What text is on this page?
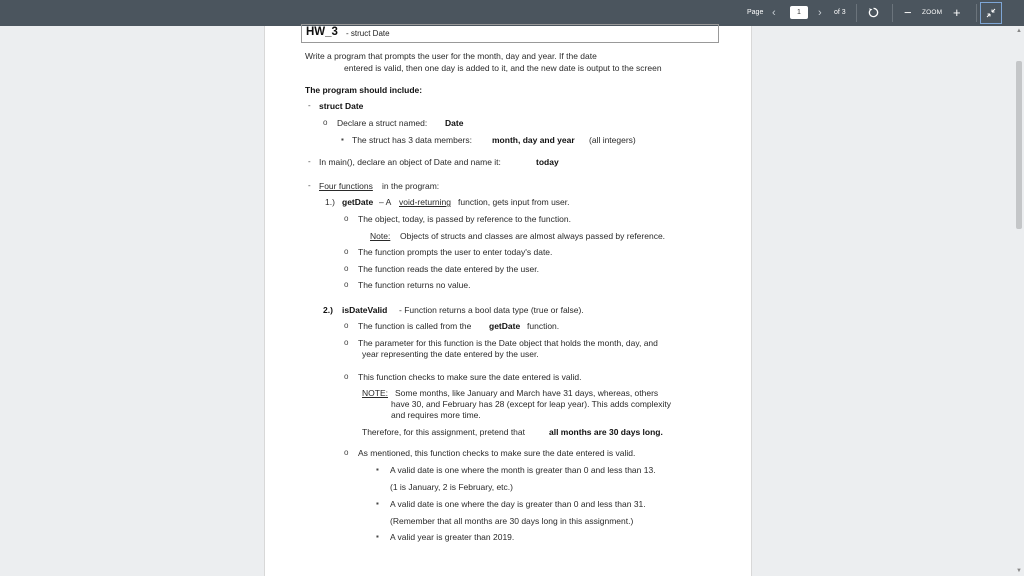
Page ‹	1	› of 3	− ZOOM +
HW_3 - struct Date
Write a program that prompts the user for the month, day and year. If the date
entered is valid, then one day is added to it, and the new date is output to the screen
The program should include:
- struct Date
o Declare a struct named: Date
▪ The struct has 3 data members: month, day and year (all integers)
- In main(), declare an object of Date and name it:	today
- Four functions in the program:
1.) getDate – A void-returning function, gets input from user.
o The object, today, is passed by reference to the function.
Note: Objects of structs and classes are almost always passed by reference.
o The function prompts the user to enter today's date.
o The function reads the date entered by the user.
o The function returns no value.
2.) isDateValid - Function returns a bool data type (true or false).
o The function is called from the getDate function.
o The parameter for this function is the Date object that holds the month, day, and
year representing the date entered by the user.
o This function checks to make sure the date entered is valid.
NOTE: Some months, like January and March have 31 days, whereas, others
have 30, and February has 28 (except for leap year). This adds complexity
and requires more time.
Therefore, for this assignment, pretend that	all months are 30 days long.
o As mentioned, this function checks to make sure the date entered is valid.
▪ A valid date is one where the month is greater than 0 and less than 13.
(1 is January, 2 is February, etc.)
▪ A valid date is one where the day is greater than 0 and less than 31.
(Remember that all months are 30 days long in this assignment.)
▪ A valid year is greater than 2019.
▲
▼
